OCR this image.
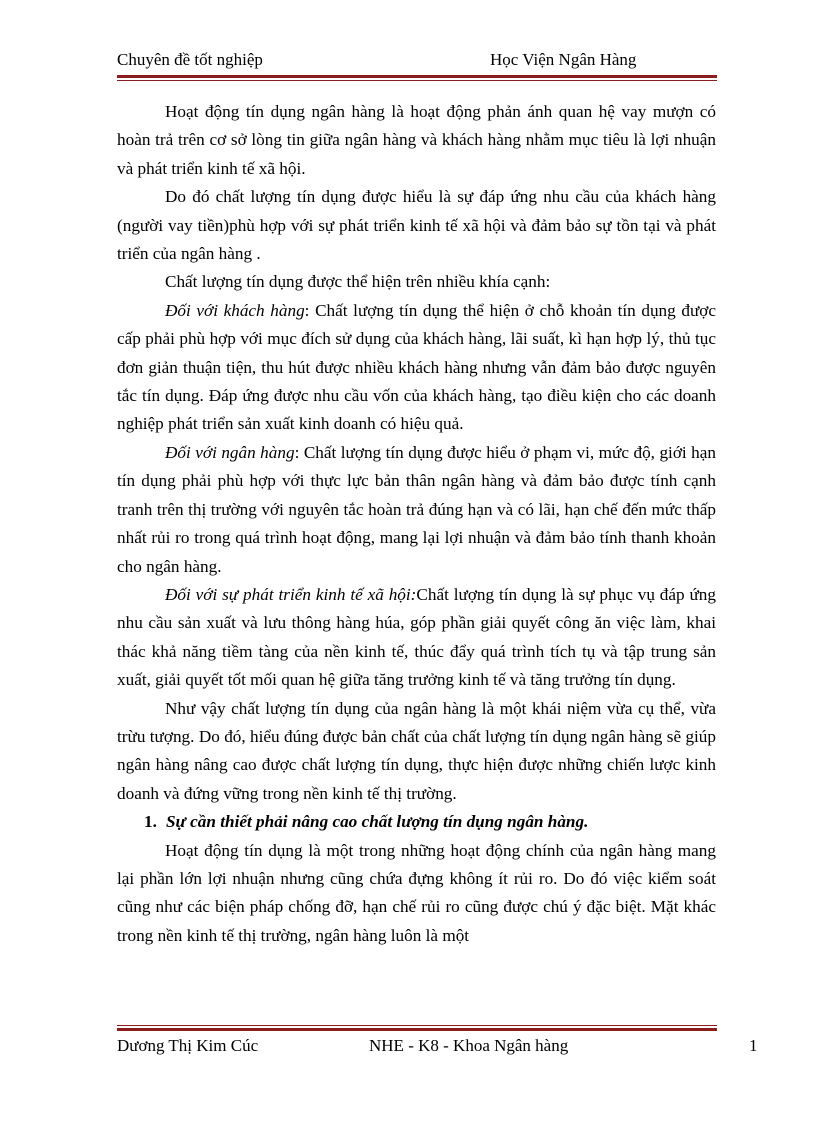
Chuyên đề tốt nghiệp	Học Viện Ngân Hàng

Hoạt động tín dụng ngân hàng là hoạt động phản ánh quan hệ vay mượn có hoàn trả trên cơ sở lòng tin giữa ngân hàng và khách hàng nhằm mục tiêu là lợi nhuận và phát triển kinh tế xã hội.

Do đó chất lượng tín dụng được hiểu là sự đáp ứng nhu cầu của khách hàng (người vay tiền)phù hợp với sự phát triển kinh tế xã hội và đảm bảo sự tồn tại và phát triển của ngân hàng .

Chất lượng tín dụng được thể hiện trên nhiều khía cạnh:

Đối với khách hàng: Chất lượng tín dụng thể hiện ở chỗ khoản tín dụng được cấp phải phù hợp với mục đích sử dụng của khách hàng, lãi suất, kì hạn hợp lý, thủ tục đơn giản thuận tiện, thu hút được nhiều khách hàng nhưng vẫn đảm bảo được nguyên tắc tín dụng. Đáp ứng được nhu cầu vốn của khách hàng, tạo điều kiện cho các doanh nghiệp phát triển sản xuất kinh doanh có hiệu quả.

Đối với ngân hàng: Chất lượng tín dụng được hiểu ở phạm vi, mức độ, giới hạn tín dụng phải phù hợp với thực lực bản thân ngân hàng và đảm bảo được tính cạnh tranh trên thị trường với nguyên tắc hoàn trả đúng hạn và có lãi, hạn chế đến mức thấp nhất rủi ro trong quá trình hoạt động, mang lại lợi nhuận và đảm bảo tính thanh khoản cho ngân hàng.

Đối với sự phát triển kinh tế xã hội:Chất lượng tín dụng là sự phục vụ đáp ứng nhu cầu sản xuất và lưu thông hàng húa, góp phần giải quyết công ăn việc làm, khai thác khả năng tiềm tàng của nền kinh tế, thúc đẩy quá trình tích tụ và tập trung sản xuất, giải quyết tốt mối quan hệ giữa tăng trưởng kinh tế và tăng trưởng tín dụng.

Như vậy chất lượng tín dụng của ngân hàng là một khái niệm vừa cụ thể, vừa trừu tượng. Do đó, hiểu đúng được bản chất của chất lượng tín dụng ngân hàng sẽ giúp ngân hàng nâng cao được chất lượng tín dụng, thực hiện được những chiến lược kinh doanh và đứng vững trong nền kinh tế thị trường.

1. Sự cần thiết phải nâng cao chất lượng tín dụng ngân hàng.

Hoạt động tín dụng là một trong những hoạt động chính của ngân hàng mang lại phần lớn lợi nhuận nhưng cũng chứa đựng không ít rủi ro. Do đó việc kiểm soát cũng như các biện pháp chống đỡ, hạn chế rủi ro cũng được chú ý đặc biệt. Mặt khác trong nền kinh tế thị trường, ngân hàng luôn là một

Dương Thị Kim Cúc	NHE - K8 - Khoa Ngân hàng	1
